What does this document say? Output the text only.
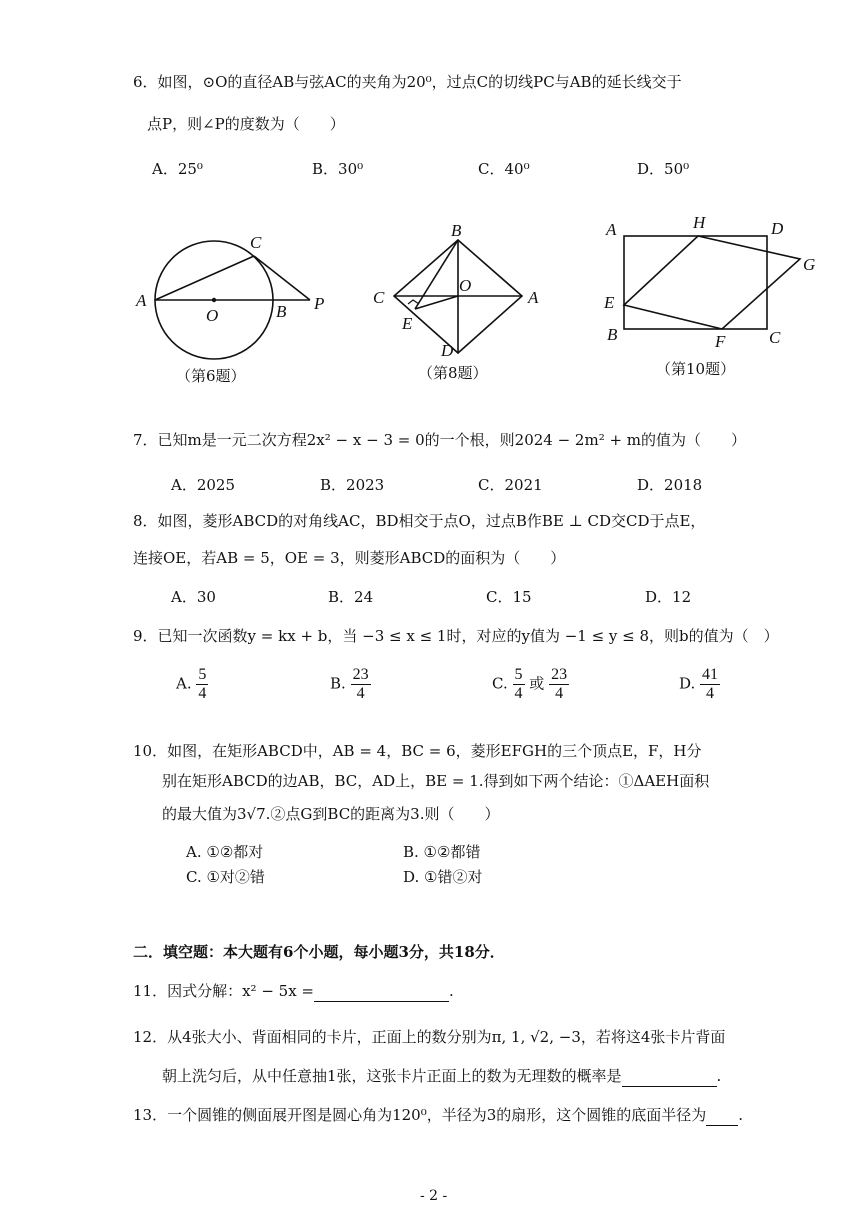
6．如图，⊙O的直径AB与弦AC的夹角为20⁰，过点C的切线PC与AB的延长线交于
点P，则∠P的度数为（　　）
A．25⁰	B．30⁰	C．40⁰	D．50⁰
A
C
O	B P
（第6题）
B
C
O
A
E
D
（第8题）
A	H	D
G
E
B	F	C
（第10题）
7．已知m是一元二次方程2x² − x − 3 = 0的一个根，则2024 − 2m² + m的值为（　　）
A．2025	B．2023	C．2021	D．2018
8．如图，菱形ABCD的对角线AC，BD相交于点O，过点B作BE ⊥ CD交CD于点E，
连接OE，若AB = 5，OE = 3，则菱形ABCD的面积为（　　）
A．30	B．24	C．15	D．12
9．已知一次函数y = kx + b，当 −3 ≤ x ≤ 1时，对应的y值为 −1 ≤ y ≤ 8，则b的值为（　）
A. $\frac{5}{4}$	B. $\frac{23}{4}$	C. $\frac{5}{4}$ 或 $\frac{23}{4}$	D. $\frac{41}{4}$
10．如图，在矩形ABCD中，AB = 4，BC = 6，菱形EFGH的三个顶点E，F，H分
别在矩形ABCD的边AB，BC，AD上，BE = 1.得到如下两个结论：①ΔAEH面积
的最大值为3√7.②点G到BC的距离为3.则（　　）
A. ①②都对	B. ①②都错
C. ①对②错	D. ①错②对
二．填空题：本大题有6个小题，每小题3分，共18分．
11．因式分解：x² − 5x =	.
12．从4张大小、背面相同的卡片，正面上的数分别为π, 1, √2, −3，若将这4张卡片背面
朝上洗匀后，从中任意抽1张，这张卡片正面上的数为无理数的概率是	.
13．一个圆锥的侧面展开图是圆心角为120⁰，半径为3的扇形，这个圆锥的底面半径为 .
- 2 -
